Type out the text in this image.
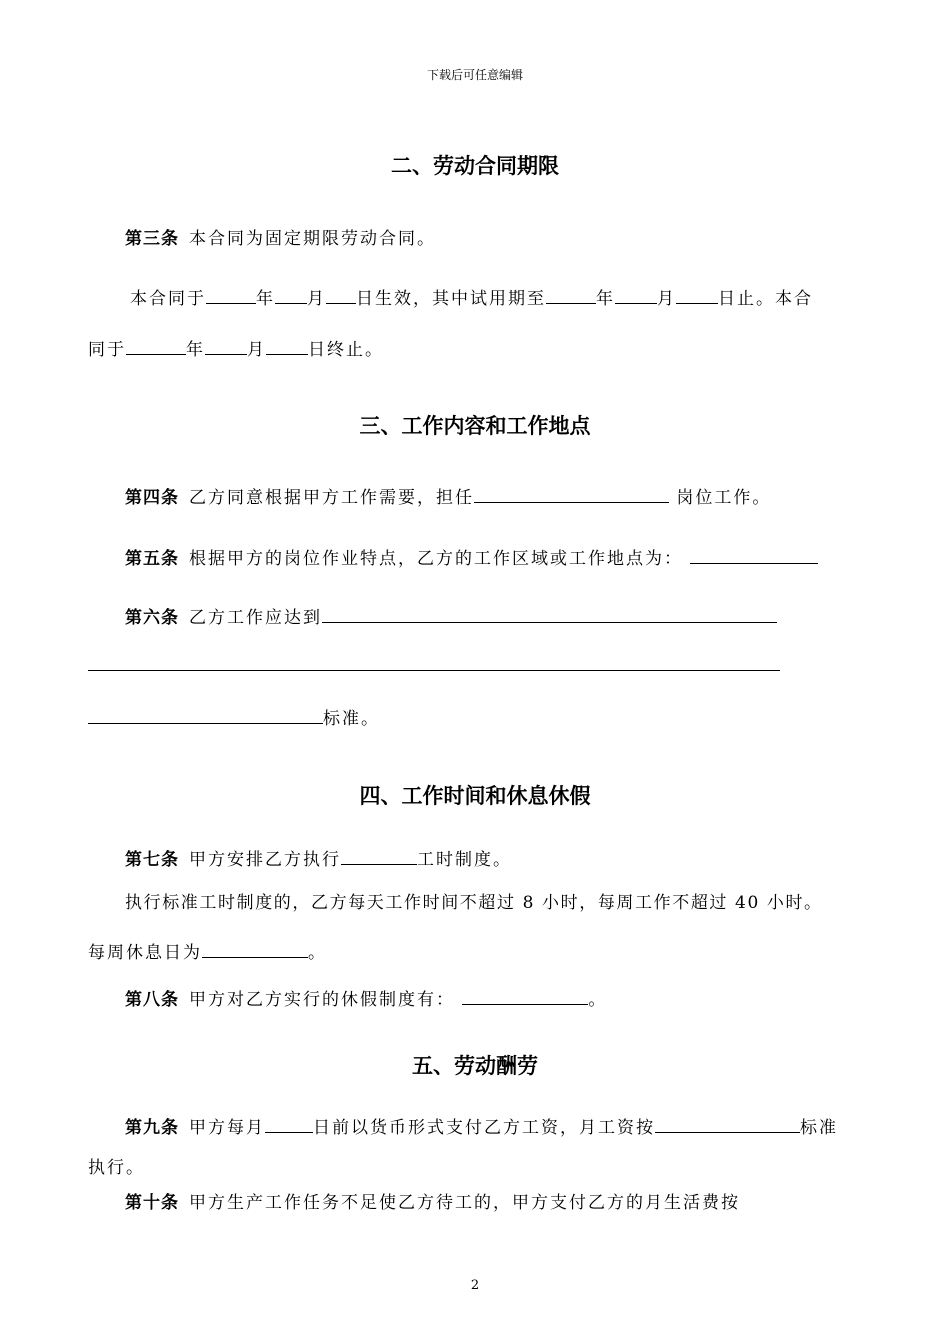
下载后可任意编辑
二、劳动合同期限
第三条 本合同为固定期限劳动合同。
本合同于	年 月 日生效，其中试用期至	年 月 日止。本合
同于	年 月 日终止。
三、工作内容和工作地点
第四条 乙方同意根据甲方工作需要，担任	岗位工作。
第五条 根据甲方的岗位作业特点，乙方的工作区域或工作地点为：
第六条 乙方工作应达到
标准。
四、工作时间和休息休假
第七条 甲方安排乙方执行	工时制度。
执行标准工时制度的，乙方每天工作时间不超过 8 小时，每周工作不超过 40 小时。
每周休息日为	。
第八条 甲方对乙方实行的休假制度有：	。
五、劳动酬劳
第九条 甲方每月	日前以货币形式支付乙方工资，月工资按	标准
执行。
第十条 甲方生产工作任务不足使乙方待工的，甲方支付乙方的月生活费按
2
